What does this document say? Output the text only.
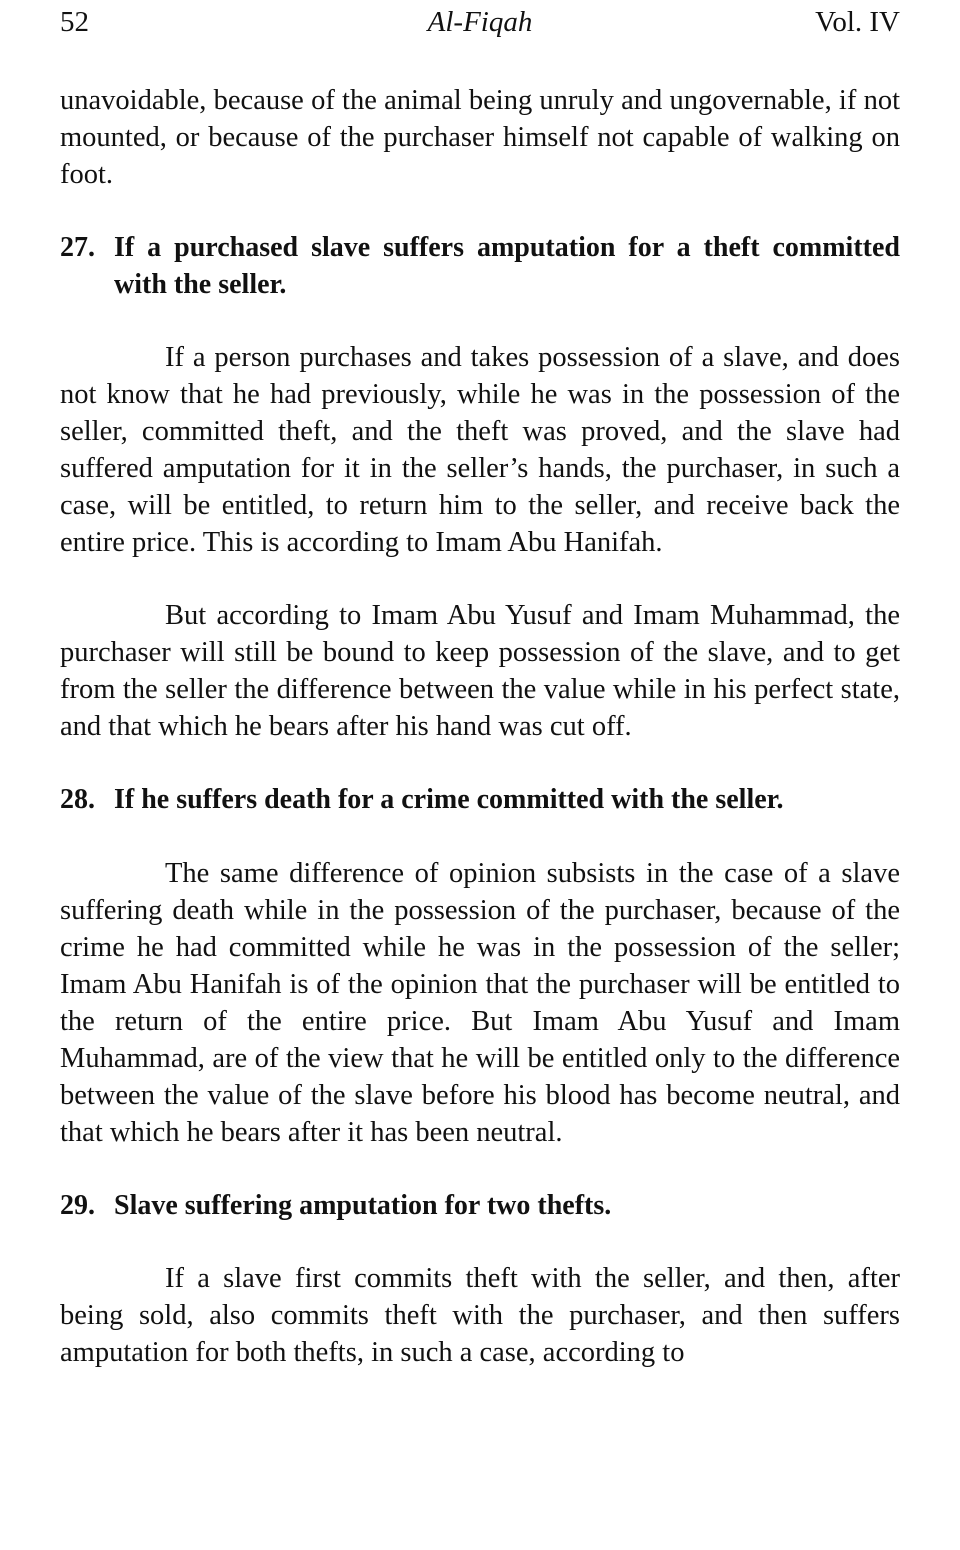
52	Al-Fiqah	Vol. IV

unavoidable, because of the animal being unruly and ungovernable, if not mounted, or because of the purchaser himself not capable of walking on foot.

27. If a purchased slave suffers amputation for a theft committed with the seller.

If a person purchases and takes possession of a slave, and does not know that he had previously, while he was in the possession of the seller, committed theft, and the theft was proved, and the slave had suffered amputation for it in the seller’s hands, the purchaser, in such a case, will be entitled, to return him to the seller, and receive back the entire price. This is according to Imam Abu Hanifah.

But according to Imam Abu Yusuf and Imam Muhammad, the purchaser will still be bound to keep possession of the slave, and to get from the seller the difference between the value while in his perfect state, and that which he bears after his hand was cut off.

28. If he suffers death for a crime committed with the seller.

The same difference of opinion subsists in the case of a slave suffering death while in the possession of the purchaser, because of the crime he had committed while he was in the possession of the seller; Imam Abu Hanifah is of the opinion that the purchaser will be entitled to the return of the entire price. But Imam Abu Yusuf and Imam Muhammad, are of the view that he will be entitled only to the difference between the value of the slave before his blood has become neutral, and that which he bears after it has been neutral.

29. Slave suffering amputation for two thefts.

If a slave first commits theft with the seller, and then, after being sold, also commits theft with the purchaser, and then suffers amputation for both thefts, in such a case, according to
